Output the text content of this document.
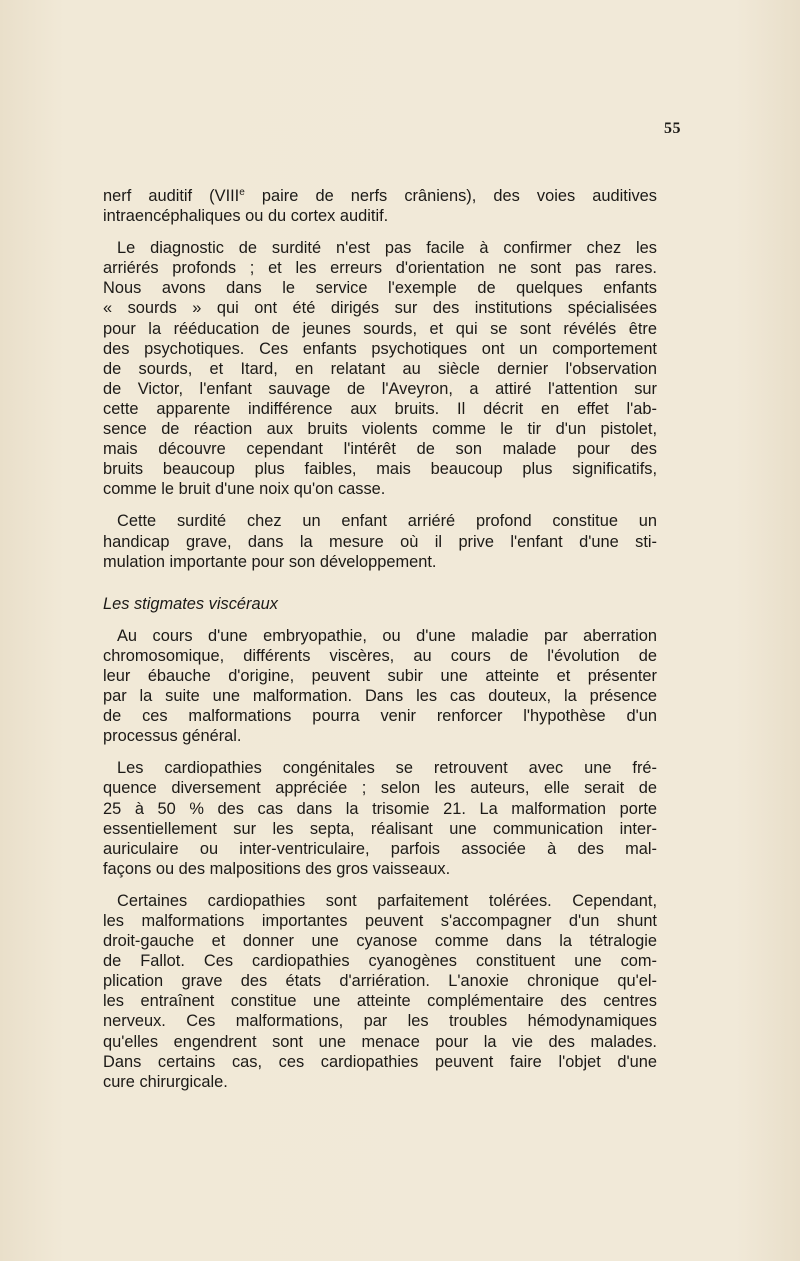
55

nerf auditif (VIIIe paire de nerfs crâniens), des voies auditives
intraencéphaliques ou du cortex auditif.

Le diagnostic de surdité n'est pas facile à confirmer chez les
arriérés profonds ; et les erreurs d'orientation ne sont pas rares.
Nous avons dans le service l'exemple de quelques enfants
« sourds » qui ont été dirigés sur des institutions spécialisées
pour la rééducation de jeunes sourds, et qui se sont révélés être
des psychotiques. Ces enfants psychotiques ont un comportement
de sourds, et Itard, en relatant au siècle dernier l'observation
de Victor, l'enfant sauvage de l'Aveyron, a attiré l'attention sur
cette apparente indifférence aux bruits. Il décrit en effet l'ab-
sence de réaction aux bruits violents comme le tir d'un pistolet,
mais découvre cependant l'intérêt de son malade pour des
bruits beaucoup plus faibles, mais beaucoup plus significatifs,
comme le bruit d'une noix qu'on casse.

Cette surdité chez un enfant arriéré profond constitue un
handicap grave, dans la mesure où il prive l'enfant d'une sti-
mulation importante pour son développement.

Les stigmates viscéraux

Au cours d'une embryopathie, ou d'une maladie par aberration
chromosomique, différents viscères, au cours de l'évolution de
leur ébauche d'origine, peuvent subir une atteinte et présenter
par la suite une malformation. Dans les cas douteux, la présence
de ces malformations pourra venir renforcer l'hypothèse d'un
processus général.

Les cardiopathies congénitales se retrouvent avec une fré-
quence diversement appréciée ; selon les auteurs, elle serait de
25 à 50 % des cas dans la trisomie 21. La malformation porte
essentiellement sur les septa, réalisant une communication inter-
auriculaire ou inter-ventriculaire, parfois associée à des mal-
façons ou des malpositions des gros vaisseaux.

Certaines cardiopathies sont parfaitement tolérées. Cependant,
les malformations importantes peuvent s'accompagner d'un shunt
droit-gauche et donner une cyanose comme dans la tétralogie
de Fallot. Ces cardiopathies cyanogènes constituent une com-
plication grave des états d'arriération. L'anoxie chronique qu'el-
les entraînent constitue une atteinte complémentaire des centres
nerveux. Ces malformations, par les troubles hémodynamiques
qu'elles engendrent sont une menace pour la vie des malades.
Dans certains cas, ces cardiopathies peuvent faire l'objet d'une
cure chirurgicale.
